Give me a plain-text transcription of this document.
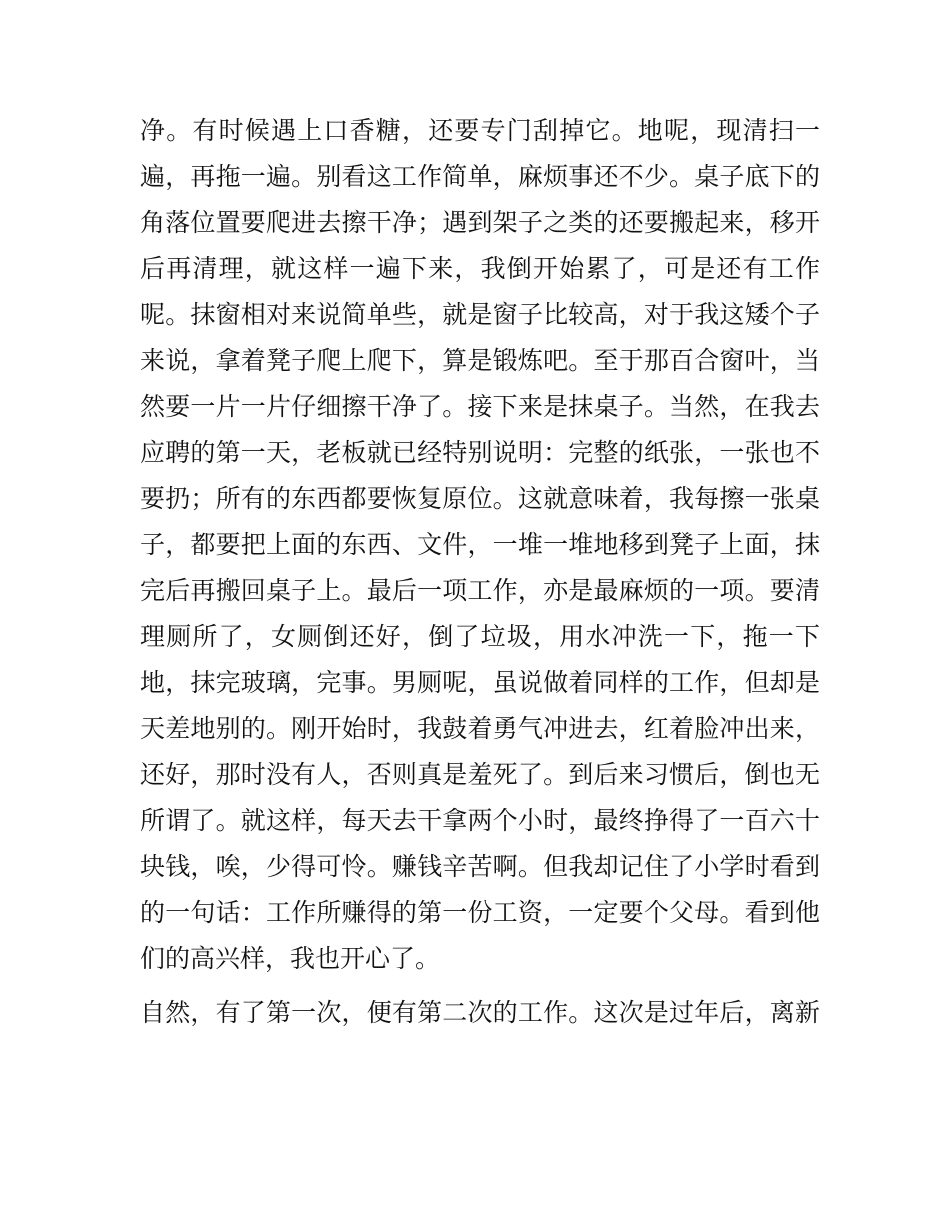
净。有时候遇上口香糖，还要专门刮掉它。地呢，现清扫一
遍，再拖一遍。别看这工作简单，麻烦事还不少。桌子底下的
角落位置要爬进去擦干净；遇到架子之类的还要搬起来，移开
后再清理，就这样一遍下来，我倒开始累了，可是还有工作
呢。抹窗相对来说简单些，就是窗子比较高，对于我这矮个子
来说，拿着凳子爬上爬下，算是锻炼吧。至于那百合窗叶，当
然要一片一片仔细擦干净了。接下来是抹桌子。当然，在我去
应聘的第一天，老板就已经特别说明：完整的纸张，一张也不
要扔；所有的东西都要恢复原位。这就意味着，我每擦一张桌
子，都要把上面的东西、文件，一堆一堆地移到凳子上面，抹
完后再搬回桌子上。最后一项工作，亦是最麻烦的一项。要清
理厕所了，女厕倒还好，倒了垃圾，用水冲洗一下，拖一下
地，抹完玻璃，完事。男厕呢，虽说做着同样的工作，但却是
天差地别的。刚开始时，我鼓着勇气冲进去，红着脸冲出来，
还好，那时没有人，否则真是羞死了。到后来习惯后，倒也无
所谓了。就这样，每天去干拿两个小时，最终挣得了一百六十
块钱，唉，少得可怜。赚钱辛苦啊。但我却记住了小学时看到
的一句话：工作所赚得的第一份工资，一定要个父母。看到他
们的高兴样，我也开心了。
自然，有了第一次，便有第二次的工作。这次是过年后，离新
